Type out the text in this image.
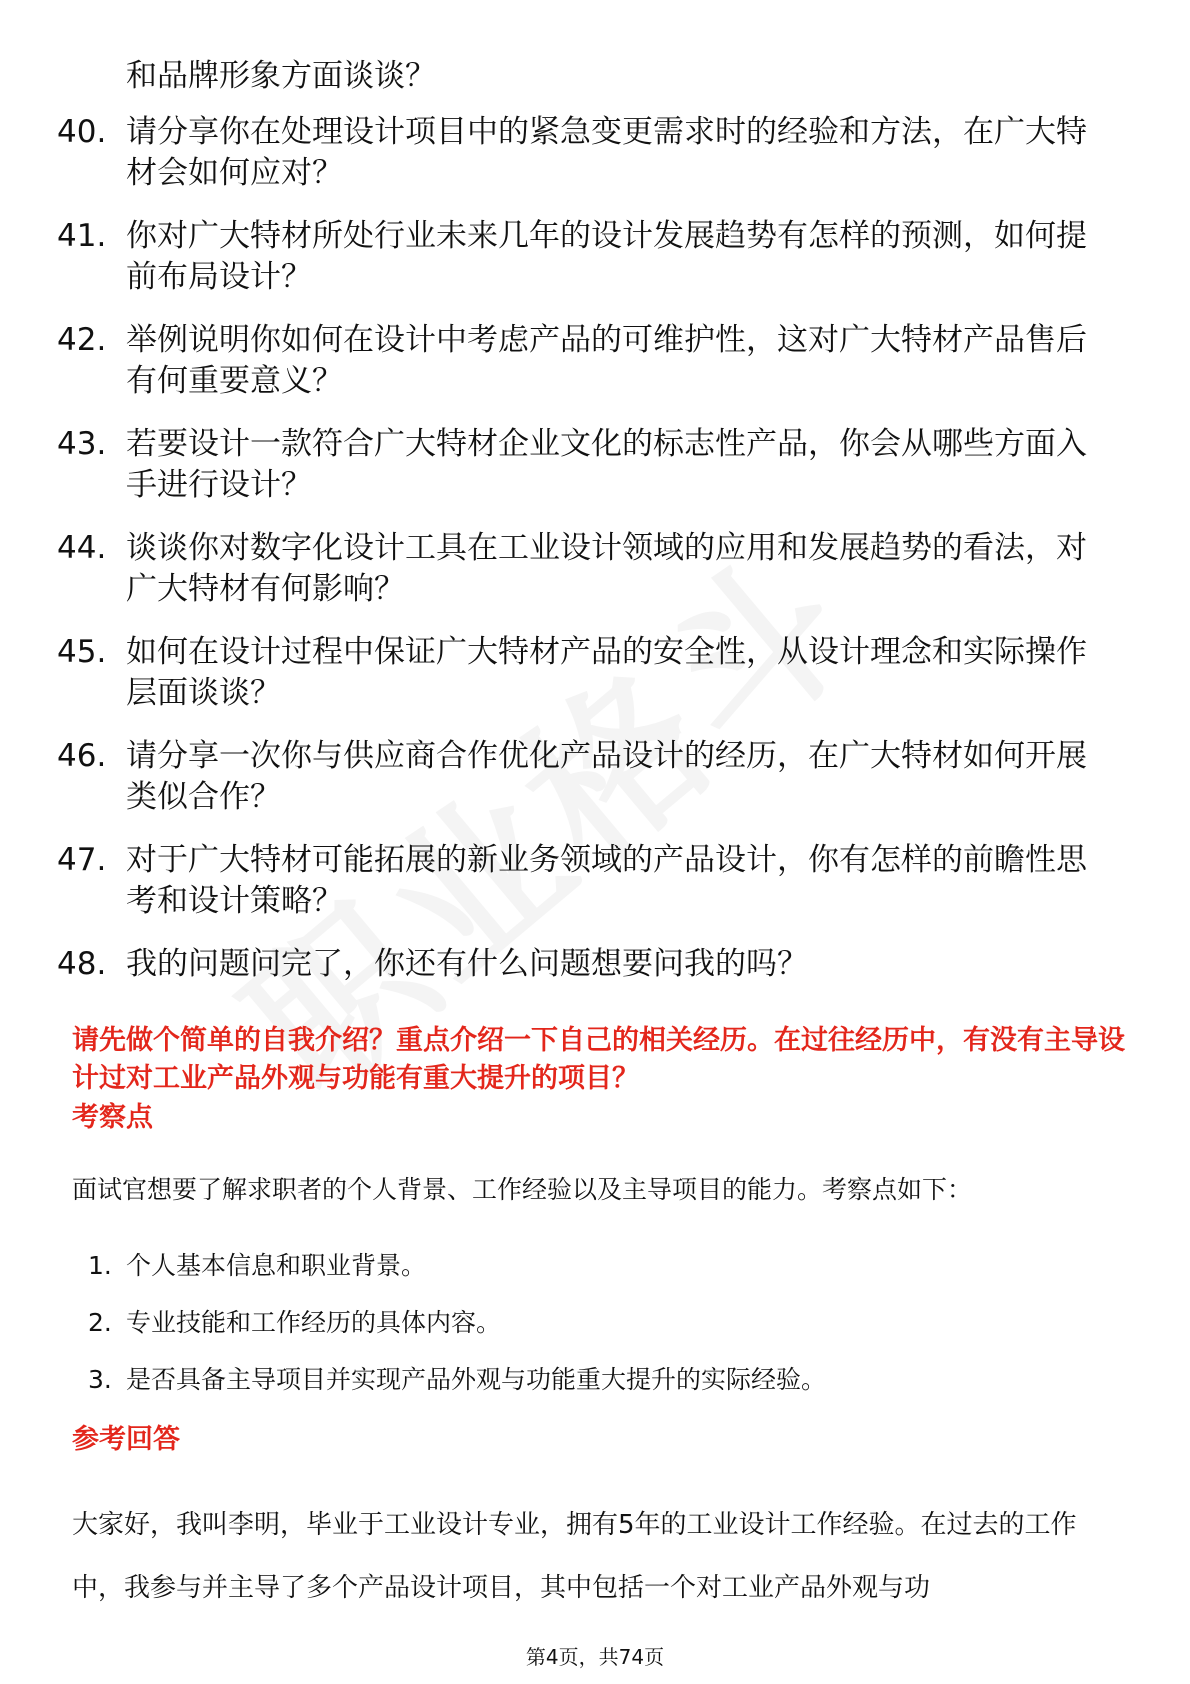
和品牌形象方面谈谈？
40. 请分享你在处理设计项目中的紧急变更需求时的经验和方法，在广大特材会如何应对？
41. 你对广大特材所处行业未来几年的设计发展趋势有怎样的预测，如何提前布局设计？
42. 举例说明你如何在设计中考虑产品的可维护性，这对广大特材产品售后有何重要意义？
43. 若要设计一款符合广大特材企业文化的标志性产品，你会从哪些方面入手进行设计？
44. 谈谈你对数字化设计工具在工业设计领域的应用和发展趋势的看法，对广大特材有何影响？
45. 如何在设计过程中保证广大特材产品的安全性，从设计理念和实际操作层面谈谈？
46. 请分享一次你与供应商合作优化产品设计的经历，在广大特材如何开展类似合作？
47. 对于广大特材可能拓展的新业务领域的产品设计，你有怎样的前瞻性思考和设计策略？
48. 我的问题问完了，你还有什么问题想要问我的吗？
请先做个简单的自我介绍？重点介绍一下自己的相关经历。在过往经历中，有没有主导设计过对工业产品外观与功能有重大提升的项目？
考察点
面试官想要了解求职者的个人背景、工作经验以及主导项目的能力。考察点如下：
1. 个人基本信息和职业背景。
2. 专业技能和工作经历的具体内容。
3. 是否具备主导项目并实现产品外观与功能重大提升的实际经验。
参考回答
大家好，我叫李明，毕业于工业设计专业，拥有5年的工业设计工作经验。在过去的工作中，我参与并主导了多个产品设计项目，其中包括一个对工业产品外观与功
第4页，共74页
